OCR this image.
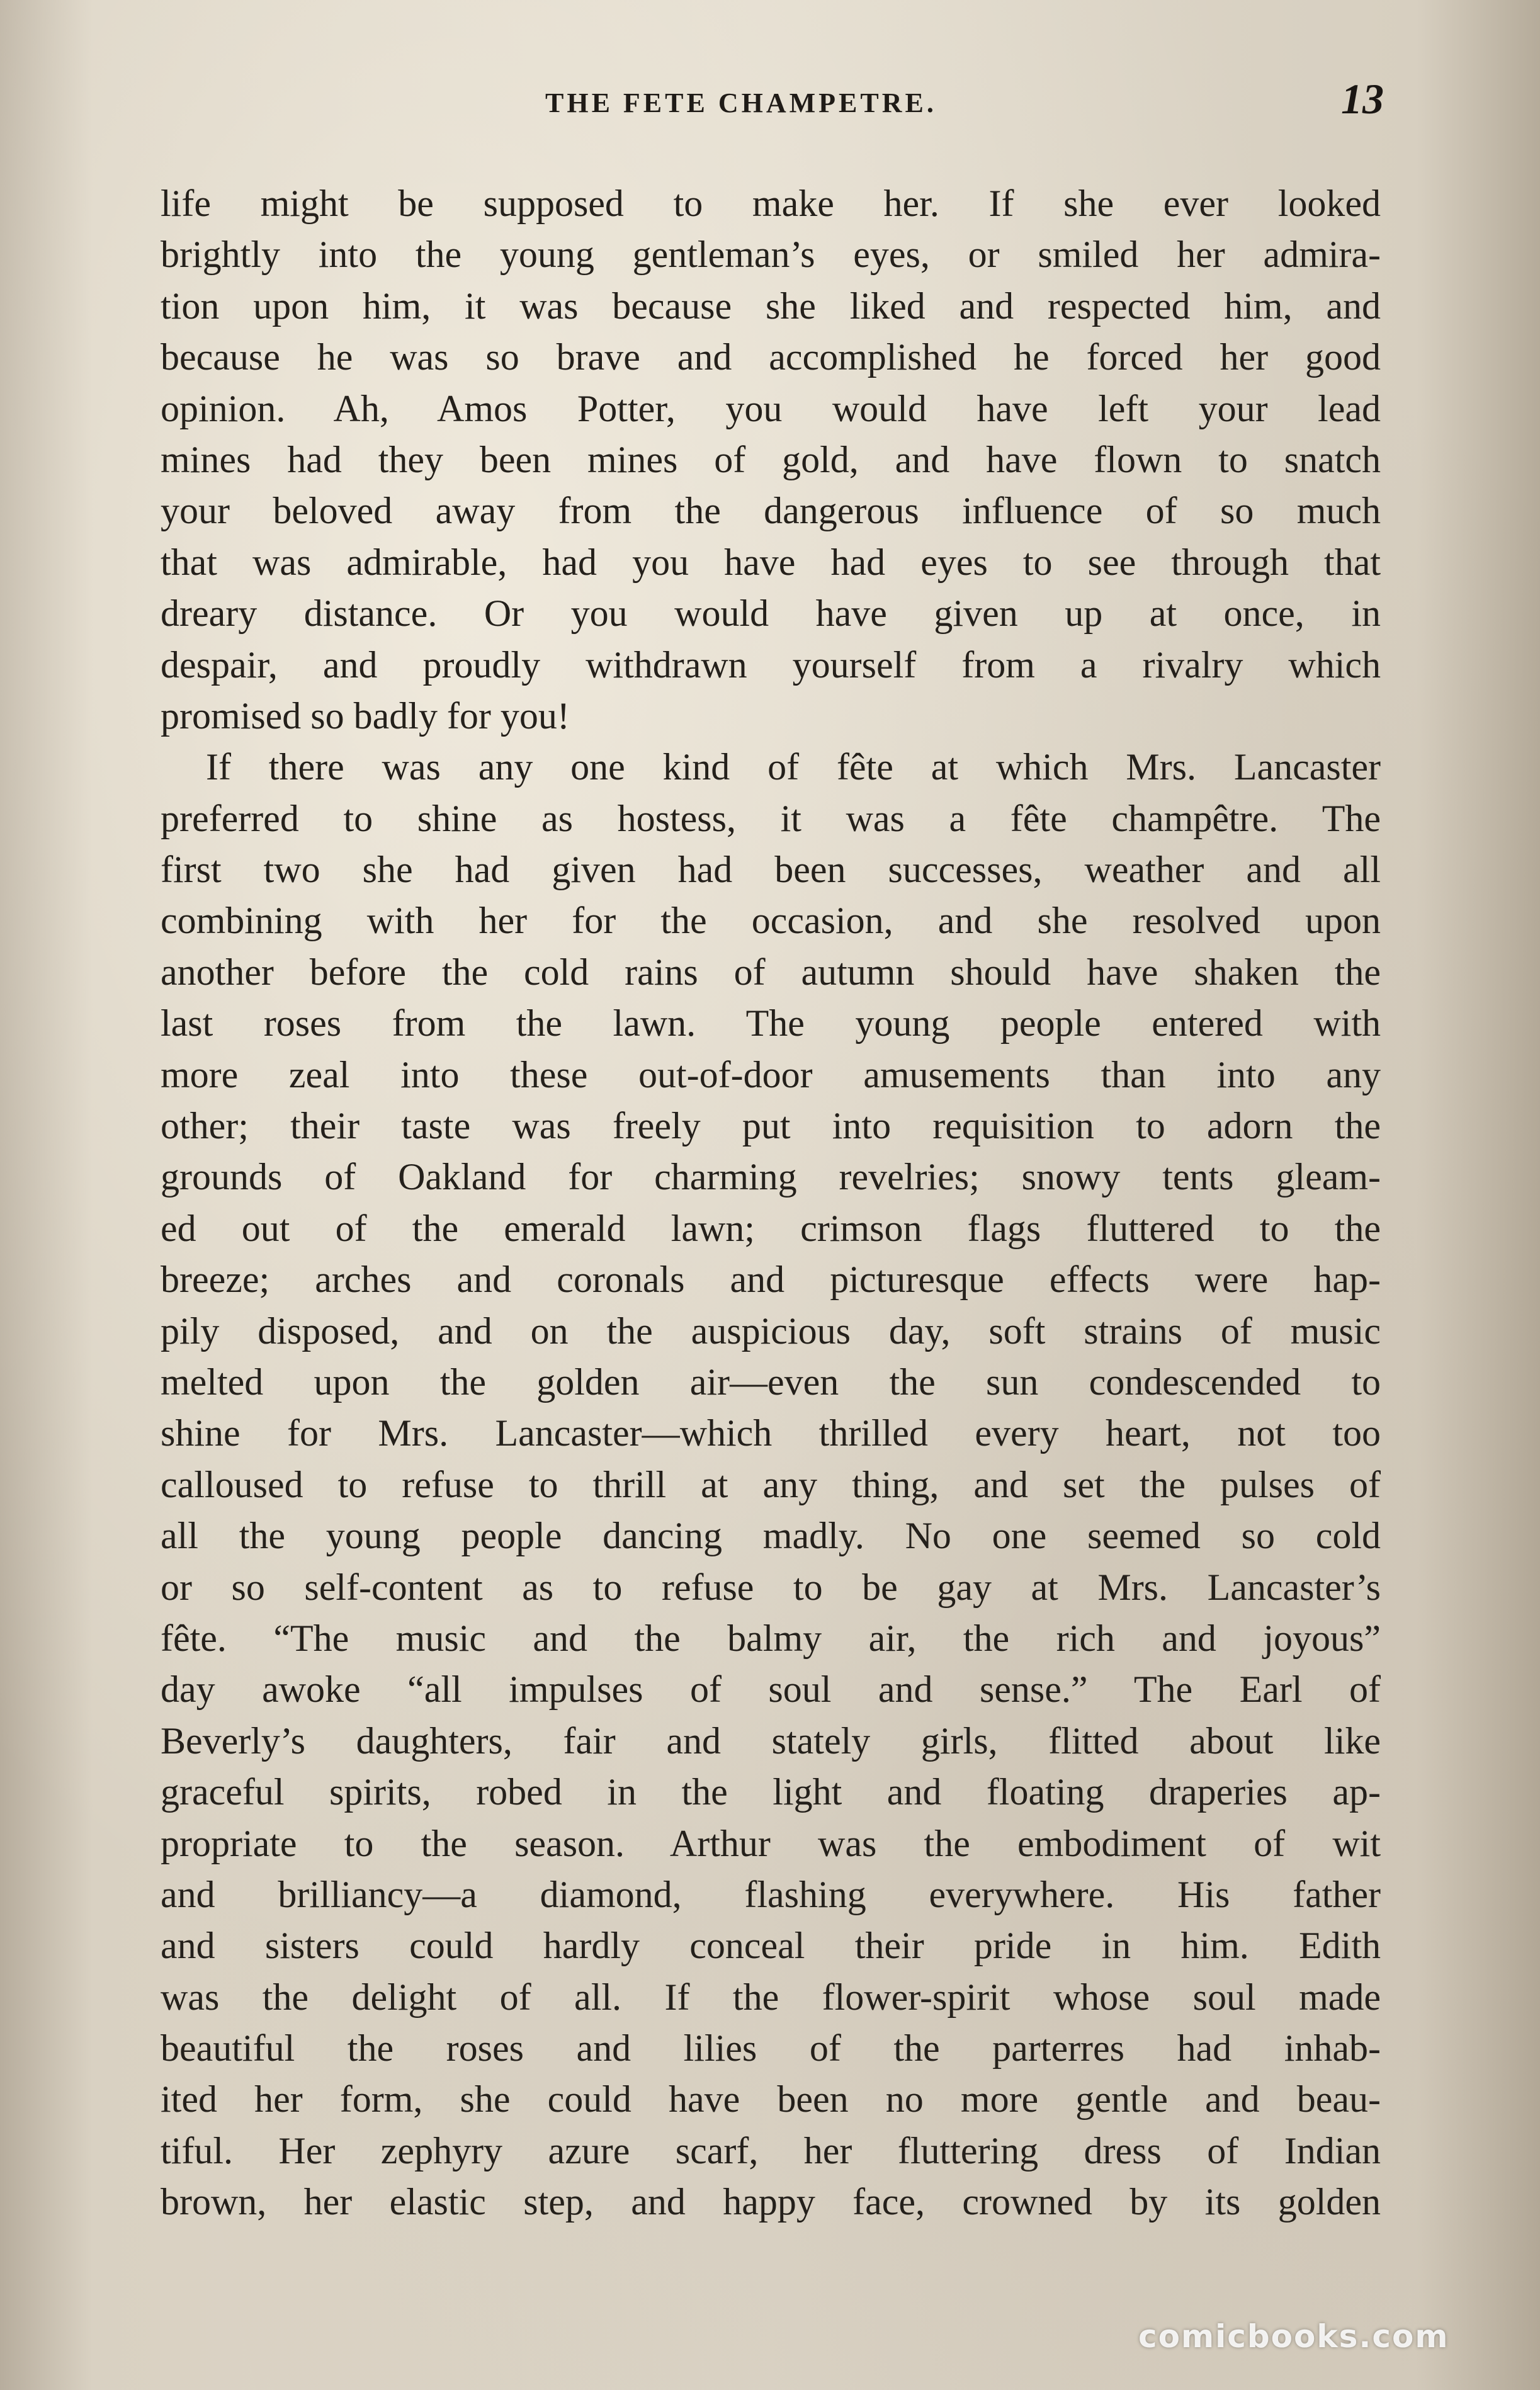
THE FETE CHAMPETRE.	13
life might be supposed to make her. If she ever looked
brightly into the young gentleman’s eyes, or smiled her admira-
tion upon him, it was because she liked and respected him, and
because he was so brave and accomplished he forced her good
opinion. Ah, Amos Potter, you would have left your lead
mines had they been mines of gold, and have flown to snatch
your beloved away from the dangerous influence of so much
that was admirable, had you have had eyes to see through that
dreary distance. Or you would have given up at once, in
despair, and proudly withdrawn yourself from a rivalry which
promised so badly for you!
If there was any one kind of fête at which Mrs. Lancaster
preferred to shine as hostess, it was a fête champêtre. The
first two she had given had been successes, weather and all
combining with her for the occasion, and she resolved upon
another before the cold rains of autumn should have shaken the
last roses from the lawn. The young people entered with
more zeal into these out-of-door amusements than into any
other; their taste was freely put into requisition to adorn the
grounds of Oakland for charming revelries; snowy tents gleam-
ed out of the emerald lawn; crimson flags fluttered to the
breeze; arches and coronals and picturesque effects were hap-
pily disposed, and on the auspicious day, soft strains of music
melted upon the golden air—even the sun condescended to
shine for Mrs. Lancaster—which thrilled every heart, not too
calloused to refuse to thrill at any thing, and set the pulses of
all the young people dancing madly. No one seemed so cold
or so self-content as to refuse to be gay at Mrs. Lancaster’s
fête. “The music and the balmy air, the rich and joyous”
day awoke “all impulses of soul and sense.” The Earl of
Beverly’s daughters, fair and stately girls, flitted about like
graceful spirits, robed in the light and floating draperies ap-
propriate to the season. Arthur was the embodiment of wit
and brilliancy—a diamond, flashing everywhere. His father
and sisters could hardly conceal their pride in him. Edith
was the delight of all. If the flower-spirit whose soul made
beautiful the roses and lilies of the parterres had inhab-
ited her form, she could have been no more gentle and beau-
tiful. Her zephyry azure scarf, her fluttering dress of Indian
brown, her elastic step, and happy face, crowned by its golden
comicbooks.com
